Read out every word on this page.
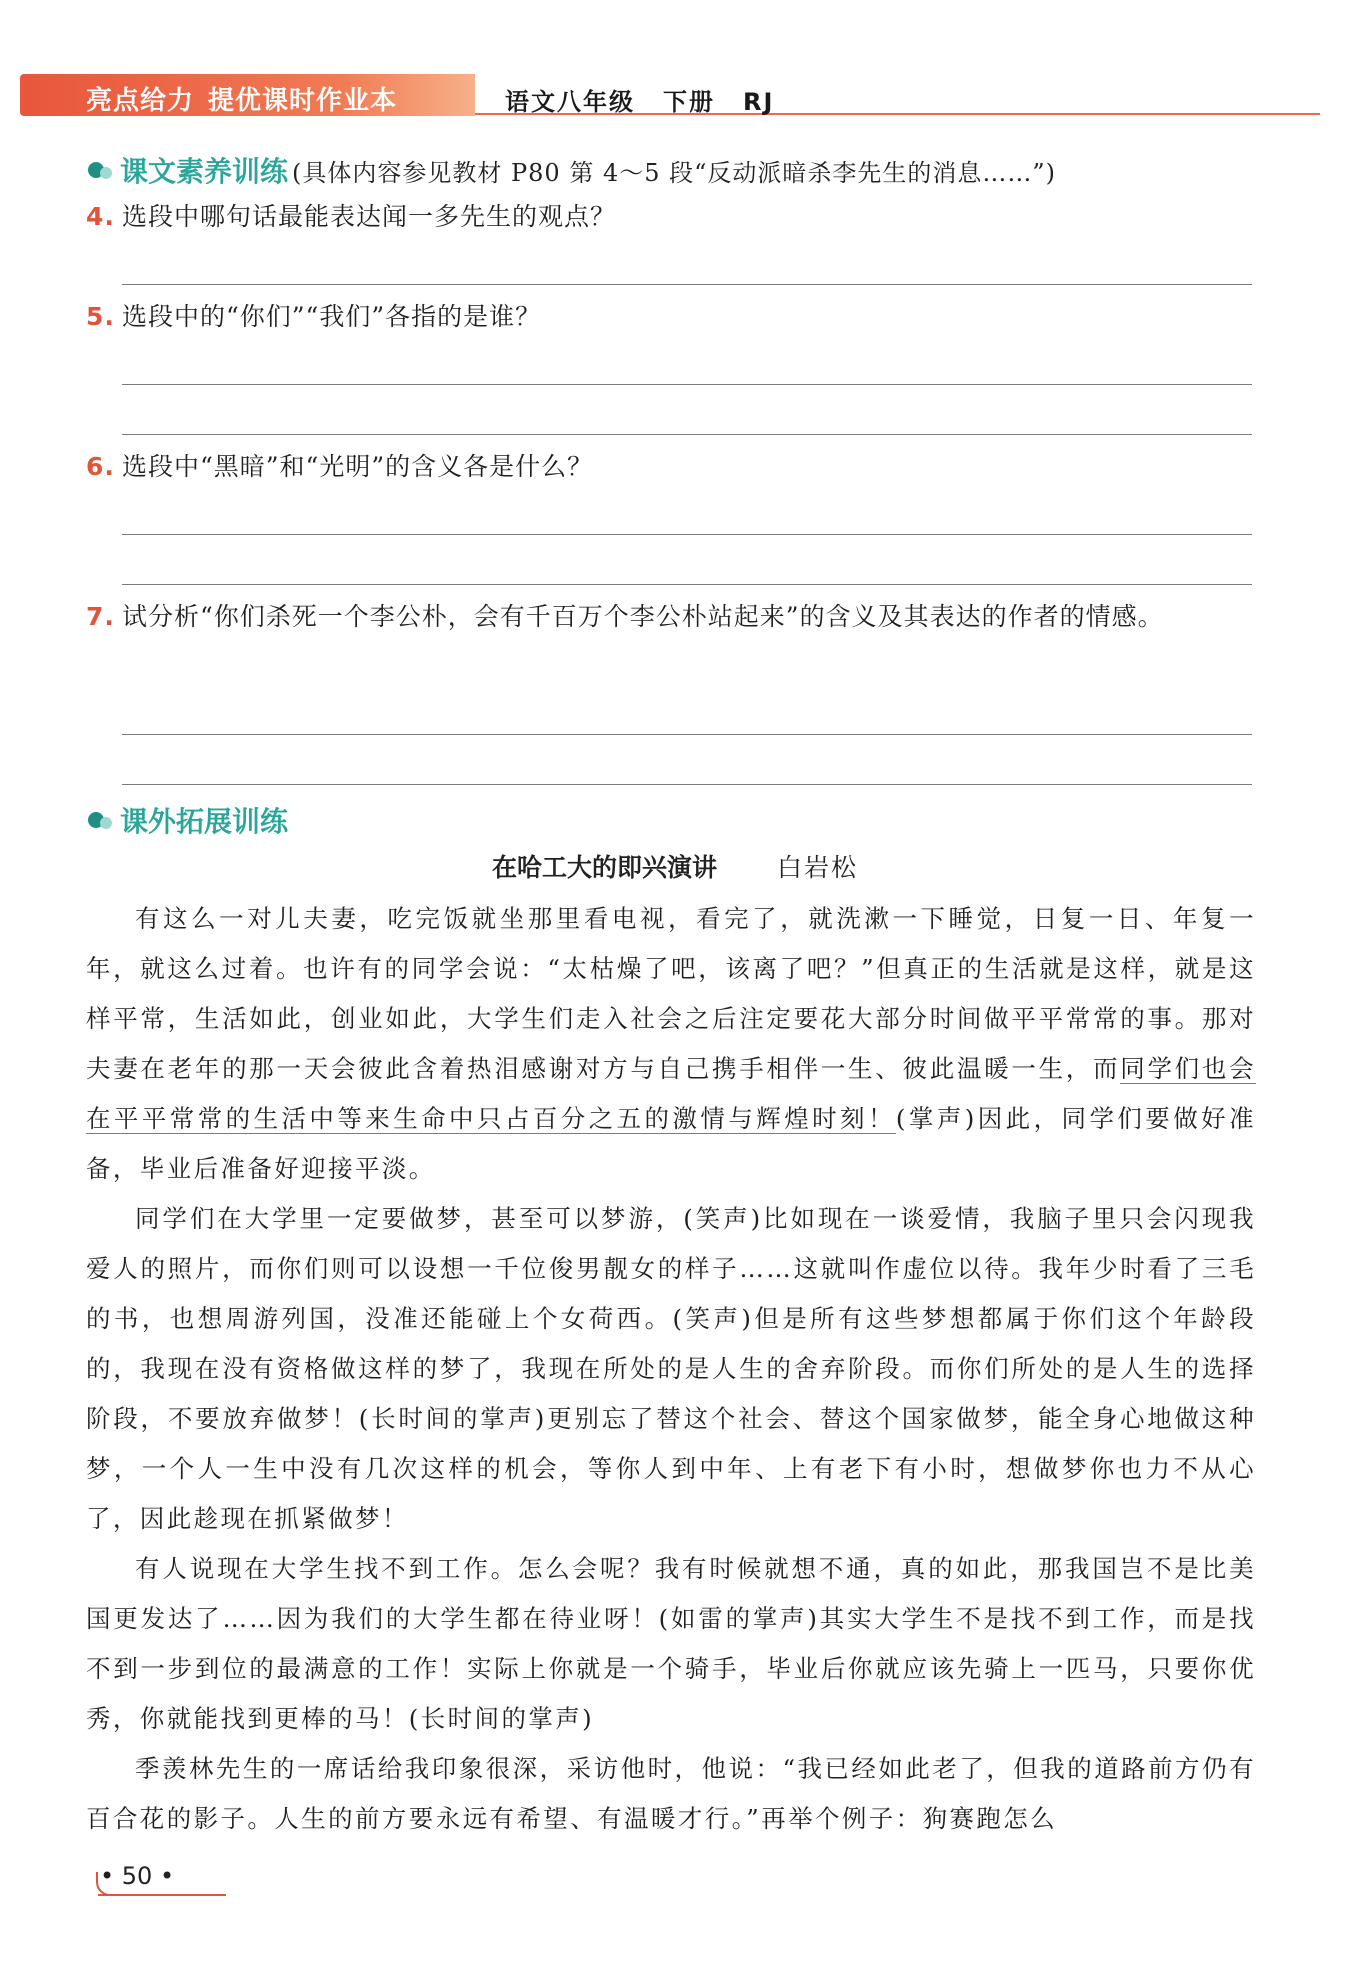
亮点给力 提优课时作业本	语文八年级 下册 RJ
课文素养训练 (具体内容参见教材 P80 第 4～5 段“反动派暗杀李先生的消息……”)
4. 选段中哪句话最能表达闻一多先生的观点？
5. 选段中的“你们”“我们”各指的是谁？
6. 选段中“黑暗”和“光明”的含义各是什么？
7. 试分析“你们杀死一个李公朴，会有千百万个李公朴站起来”的含义及其表达的作者的情感。
课外拓展训练
在哈工大的即兴演讲 白岩松

有这么一对儿夫妻，吃完饭就坐那里看电视，看完了，就洗漱一下睡觉，日复一日、年复一年，就这么过着。也许有的同学会说：“太枯燥了吧，该离了吧？”但真正的生活就是这样，就是这样平常，生活如此，创业如此，大学生们走入社会之后注定要花大部分时间做平平常常的事。那对夫妻在老年的那一天会彼此含着热泪感谢对方与自己携手相伴一生、彼此温暖一生，而同学们也会在平平常常的生活中等来生命中只占百分之五的激情与辉煌时刻！(掌声)因此，同学们要做好准备，毕业后准备好迎接平淡。

同学们在大学里一定要做梦，甚至可以梦游，(笑声)比如现在一谈爱情，我脑子里只会闪现我爱人的照片，而你们则可以设想一千位俊男靓女的样子……这就叫作虚位以待。我年少时看了三毛的书，也想周游列国，没准还能碰上个女荷西。(笑声)但是所有这些梦想都属于你们这个年龄段的，我现在没有资格做这样的梦了，我现在所处的是人生的舍弃阶段。而你们所处的是人生的选择阶段，不要放弃做梦！(长时间的掌声)更别忘了替这个社会、替这个国家做梦，能全身心地做这种梦，一个人一生中没有几次这样的机会，等你人到中年、上有老下有小时，想做梦你也力不从心了，因此趁现在抓紧做梦！

有人说现在大学生找不到工作。怎么会呢？我有时候就想不通，真的如此，那我国岂不是比美国更发达了……因为我们的大学生都在待业呀！(如雷的掌声)其实大学生不是找不到工作，而是找不到一步到位的最满意的工作！实际上你就是一个骑手，毕业后你就应该先骑上一匹马，只要你优秀，你就能找到更棒的马！(长时间的掌声)

季羡林先生的一席话给我印象很深，采访他时，他说：“我已经如此老了，但我的道路前方仍有百合花的影子。人生的前方要永远有希望、有温暖才行。”再举个例子：狗赛跑怎么

• 50 •
